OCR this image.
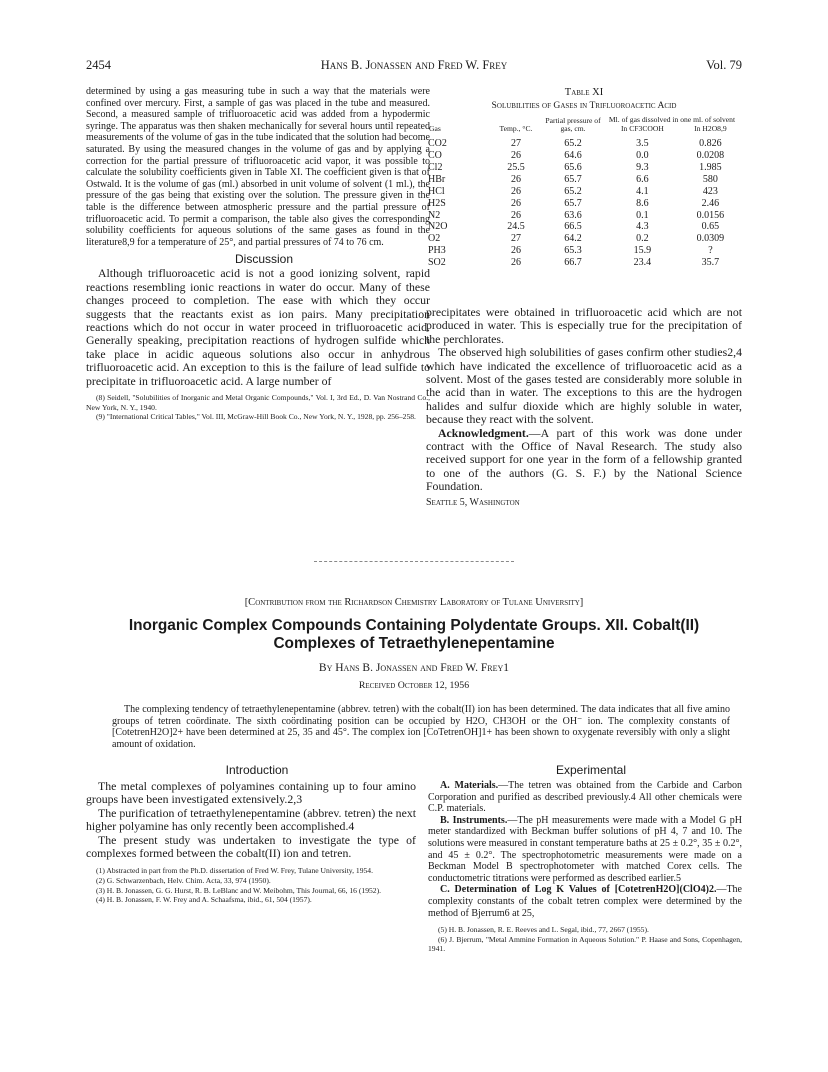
2454	Hans B. Jonassen and Fred W. Frey	Vol. 79

determined by using a gas measuring tube in such a way that the materials were confined over mercury. First, a sample of gas was placed in the tube and measured. Second, a measured sample of trifluoroacetic acid was added from a hypodermic syringe. The apparatus was then shaken mechanically for several hours until repeated measurements of the volume of gas in the tube indicated that the solution had become saturated. By using the measured changes in the volume of gas and by applying a correction for the partial pressure of trifluoroacetic acid vapor, it was possible to calculate the solubility coefficients given in Table XI. The coefficient given is that of Ostwald. It is the volume of gas (ml.) absorbed in unit volume of solvent (1 ml.), the pressure of the gas being that existing over the solution. The pressure given in the table is the difference between atmospheric pressure and the partial pressure of trifluoroacetic acid. To permit a comparison, the table also gives the corresponding solubility coefficients for aqueous solutions of the same gases as found in the literature8,9 for a temperature of 25°, and partial pressures of 74 to 76 cm.

Discussion

Although trifluoroacetic acid is not a good ionizing solvent, rapid reactions resembling ionic reactions in water do occur. Many of these changes proceed to completion. The ease with which they occur suggests that the reactants exist as ion pairs. Many precipitation reactions which do not occur in water proceed in trifluoroacetic acid. Generally speaking, precipitation reactions of hydrogen sulfide which take place in acidic aqueous solutions also occur in anhydrous trifluoroacetic acid. An exception to this is the failure of lead sulfide to precipitate in trifluoroacetic acid. A large number of

(8) Seidell, "Solubilities of Inorganic and Metal Organic Compounds," Vol. I, 3rd Ed., D. Van Nostrand Co., New York, N. Y., 1940.

(9) "International Critical Tables," Vol. III, McGraw-Hill Book Co., New York, N. Y., 1928, pp. 256–258.

Table XI
Solubilities of Gases in Trifluoroacetic Acid
Gas	Temp., °C.	Partial pressure of gas, cm.	Ml. of gas dissolved in one ml. of solvent	
			In CF3COOH	In H2O8,9
CO2	27	65.2	3.5	0.826
CO	26	64.6	0.0	0.0208
Cl2	25.5	65.6	9.3	1.985
HBr	26	65.7	6.6	580
HCl	26	65.2	4.1	423
H2S	26	65.7	8.6	2.46
N2	26	63.6	0.1	0.0156
N2O	24.5	66.5	4.3	0.65
O2	27	64.2	0.2	0.0309
PH3	26	65.3	15.9	?
SO2	26	66.7	23.4	35.7

precipitates were obtained in trifluoroacetic acid which are not produced in water. This is especially true for the precipitation of the perchlorates.

The observed high solubilities of gases confirm other studies2,4 which have indicated the excellence of trifluoroacetic acid as a solvent. Most of the gases tested are considerably more soluble in the acid than in water. The exceptions to this are the hydrogen halides and sulfur dioxide which are highly soluble in water, because they react with the solvent.

Acknowledgment.—A part of this work was done under contract with the Office of Naval Research. The study also received support for one year in the form of a fellowship granted to one of the authors (G. S. F.) by the National Science Foundation.

Seattle 5, Washington

[Contribution from the Richardson Chemistry Laboratory of Tulane University]
Inorganic Complex Compounds Containing Polydentate Groups. XII. Cobalt(II)
Complexes of Tetraethylenepentamine
By Hans B. Jonassen and Fred W. Frey1
Received October 12, 1956
The complexing tendency of tetraethylenepentamine (abbrev. tetren) with the cobalt(II) ion has been determined. The data indicates that all five amino groups of tetren coördinate. The sixth coördinating position can be occupied by H2O, CH3OH or the OH⁻ ion. The complexity constants of [CotetrenH2O]2+ have been determined at 25, 35 and 45°. The complex ion [CoTetrenOH]1+ has been shown to oxygenate reversibly with only a slight amount of oxidation.

Introduction

The metal complexes of polyamines containing up to four amino groups have been investigated extensively.2,3

The purification of tetraethylenepentamine (abbrev. tetren) the next higher polyamine has only recently been accomplished.4

The present study was undertaken to investigate the type of complexes formed between the cobalt(II) ion and tetren.

(1) Abstracted in part from the Ph.D. dissertation of Fred W. Frey, Tulane University, 1954.

(2) G. Schwarzenbach, Helv. Chim. Acta, 33, 974 (1950).

(3) H. B. Jonassen, G. G. Hurst, R. B. LeBlanc and W. Meibohm, This Journal, 66, 16 (1952).

(4) H. B. Jonassen, F. W. Frey and A. Schaafsma, ibid., 61, 504 (1957).

Experimental

A. Materials.—The tetren was obtained from the Carbide and Carbon Corporation and purified as described previously.4 All other chemicals were C.P. materials.

B. Instruments.—The pH measurements were made with a Model G pH meter standardized with Beckman buffer solutions of pH 4, 7 and 10. The solutions were measured in constant temperature baths at 25 ± 0.2°, 35 ± 0.2°, and 45 ± 0.2°. The spectrophotometric measurements were made on a Beckman Model B spectrophotometer with matched Corex cells. The conductometric titrations were performed as described earlier.5

C. Determination of Log K Values of [CotetrenH2O](ClO4)2.—The complexity constants of the cobalt tetren complex were determined by the method of Bjerrum6 at 25,

(5) H. B. Jonassen, R. E. Reeves and L. Segal, ibid., 77, 2667 (1955).

(6) J. Bjerrum, "Metal Ammine Formation in Aqueous Solution." P. Haase and Sons, Copenhagen, 1941.
